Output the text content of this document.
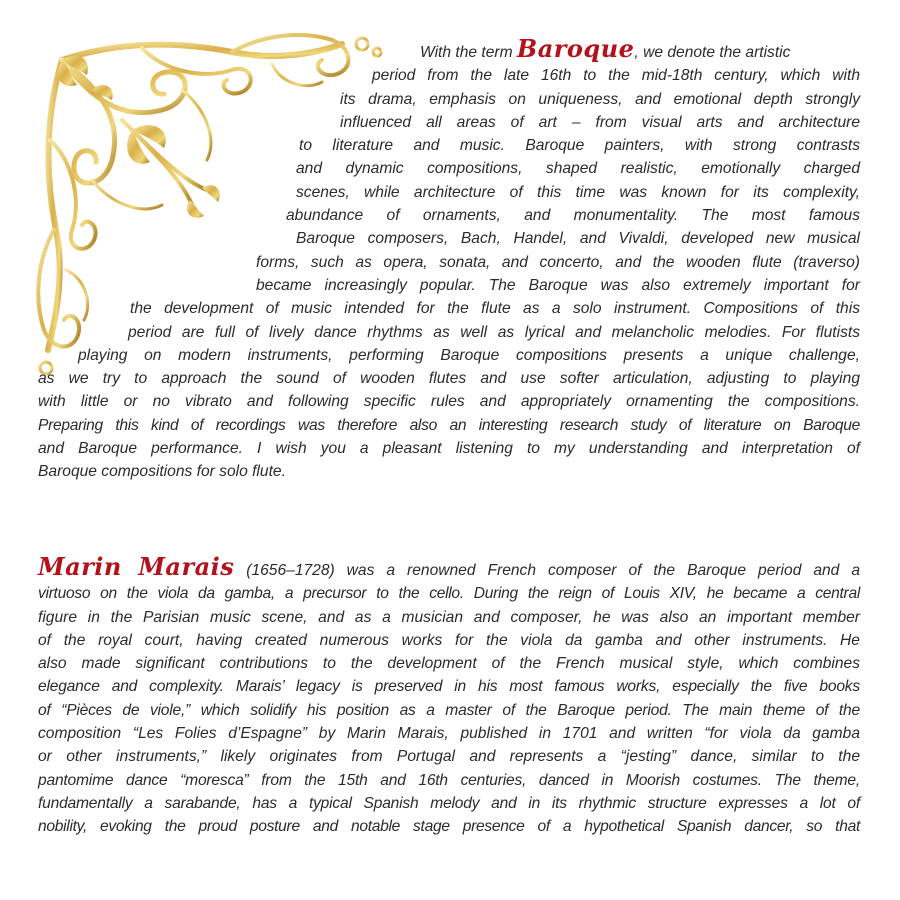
With the term Baroque, we denote the artistic
period from the late 16th to the mid-18th century, which with
its drama, emphasis on uniqueness, and emotional depth strongly
influenced all areas of art – from visual arts and architecture
to literature and music. Baroque painters, with strong contrasts
and dynamic compositions, shaped realistic, emotionally charged
scenes, while architecture of this time was known for its complexity,
abundance of ornaments, and monumentality. The most famous
Baroque composers, Bach, Handel, and Vivaldi, developed new musical
forms, such as opera, sonata, and concerto, and the wooden flute (traverso)
became increasingly popular. The Baroque was also extremely important for
the development of music intended for the flute as a solo instrument. Compositions of this
period are full of lively dance rhythms as well as lyrical and melancholic melodies. For flutists
playing on modern instruments, performing Baroque compositions presents a unique challenge,
as we try to approach the sound of wooden flutes and use softer articulation, adjusting to playing
with little or no vibrato and following specific rules and appropriately ornamenting the compositions.
Preparing this kind of recordings was therefore also an interesting research study of literature on Baroque
and Baroque performance. I wish you a pleasant listening to my understanding and interpretation of
Baroque compositions for solo flute.
Marin Marais (1656–1728) was a renowned French composer of the Baroque period and a
virtuoso on the viola da gamba, a precursor to the cello. During the reign of Louis XIV, he became a central
figure in the Parisian music scene, and as a musician and composer, he was also an important member
of the royal court, having created numerous works for the viola da gamba and other instruments. He
also made significant contributions to the development of the French musical style, which combines
elegance and complexity. Marais’ legacy is preserved in his most famous works, especially the five books
of “Pièces de viole,” which solidify his position as a master of the Baroque period. The main theme of the
composition “Les Folies d’Espagne” by Marin Marais, published in 1701 and written “for viola da gamba
or other instruments,” likely originates from Portugal and represents a “jesting” dance, similar to the
pantomime dance “moresca” from the 15th and 16th centuries, danced in Moorish costumes. The theme,
fundamentally a sarabande, has a typical Spanish melody and in its rhythmic structure expresses a lot of
nobility, evoking the proud posture and notable stage presence of a hypothetical Spanish dancer, so that
